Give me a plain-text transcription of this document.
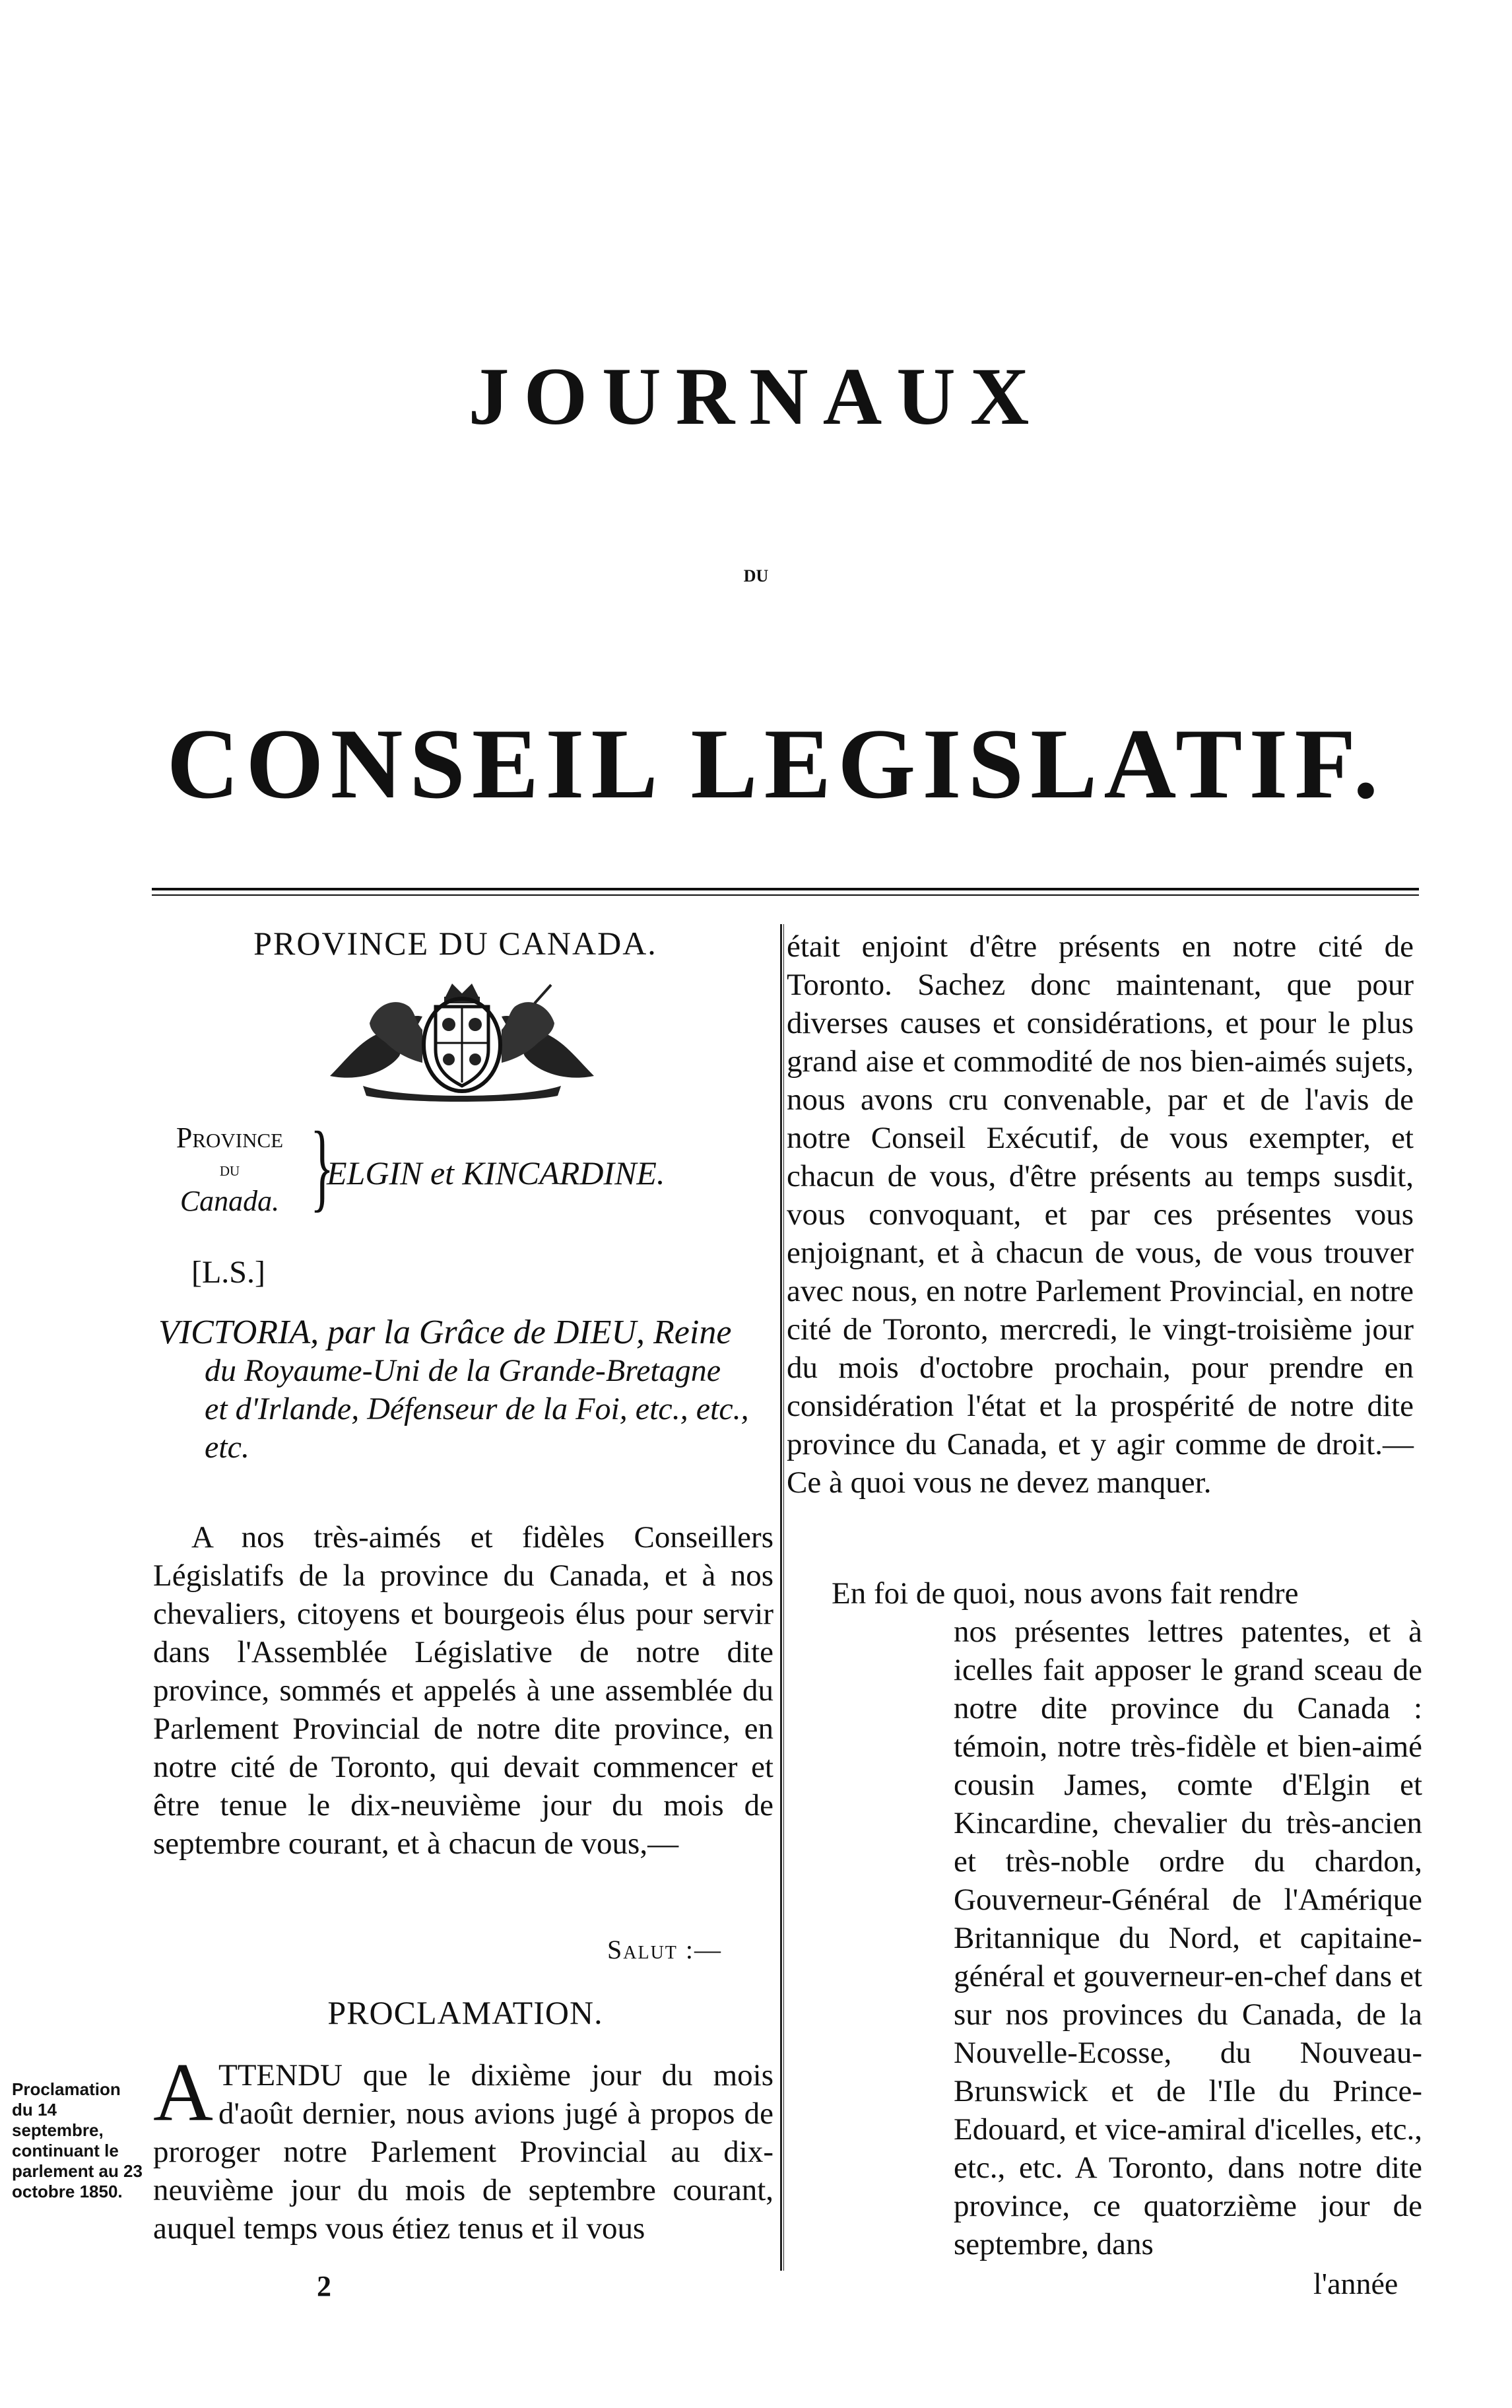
JOURNAUX
DU
CONSEIL LEGISLATIF.
PROVINCE DU CANADA.
Province
du
Canada. }
ELGIN et KINCARDINE.
[L.S.]
VICTORIA, par la Grâce de DIEU, Reine
du Royaume-Uni de la Grande-Bretagne
et d'Irlande, Défenseur de la Foi, etc., etc.,
etc.
A nos très-aimés et fidèles Conseillers Législatifs de la province du Canada, et à nos chevaliers, citoyens et bourgeois élus pour servir dans l'Assemblée Législative de notre dite province, sommés et appelés à une assemblée du Parlement Provincial de notre dite province, en notre cité de Toronto, qui devait commencer et être tenue le dix-neuvième jour du mois de septembre courant, et à chacun de vous,—
Salut :—
PROCLAMATION.
A TTENDU que le dixième jour du mois d'août dernier, nous avions jugé à propos de proroger notre Parlement Provincial au dix-neuvième jour du mois de septembre courant, auquel temps vous étiez tenus et il vous
Proclamation du 14 septembre, continuant le parlement au 23 octobre 1850.
2
était enjoint d'être présents en notre cité de Toronto. Sachez donc maintenant, que pour diverses causes et considérations, et pour le plus grand aise et commodité de nos bien-aimés sujets, nous avons cru convenable, par et de l'avis de notre Conseil Exécutif, de vous exempter, et chacun de vous, d'être présents au temps susdit, vous convoquant, et par ces présentes vous enjoignant, et à chacun de vous, de vous trouver avec nous, en notre Parlement Provincial, en notre cité de Toronto, mercredi, le vingt-troisième jour du mois d'octobre prochain, pour prendre en considération l'état et la prospérité de notre dite province du Canada, et y agir comme de droit.—Ce à quoi vous ne devez manquer.
En foi de quoi, nous avons fait rendre
nos présentes lettres patentes, et à icelles fait apposer le grand sceau de notre dite province du Canada : témoin, notre très-fidèle et bien-aimé cousin James, comte d'Elgin et Kincardine, chevalier du très-ancien et très-noble ordre du chardon, Gouverneur-Général de l'Amérique Britannique du Nord, et capitaine-général et gouverneur-en-chef dans et sur nos provinces du Canada, de la Nouvelle-Ecosse, du Nouveau-Brunswick et de l'Ile du Prince-Edouard, et vice-amiral d'icelles, etc., etc., etc. A Toronto, dans notre dite province, ce quatorzième jour de septembre, dans
l'année
